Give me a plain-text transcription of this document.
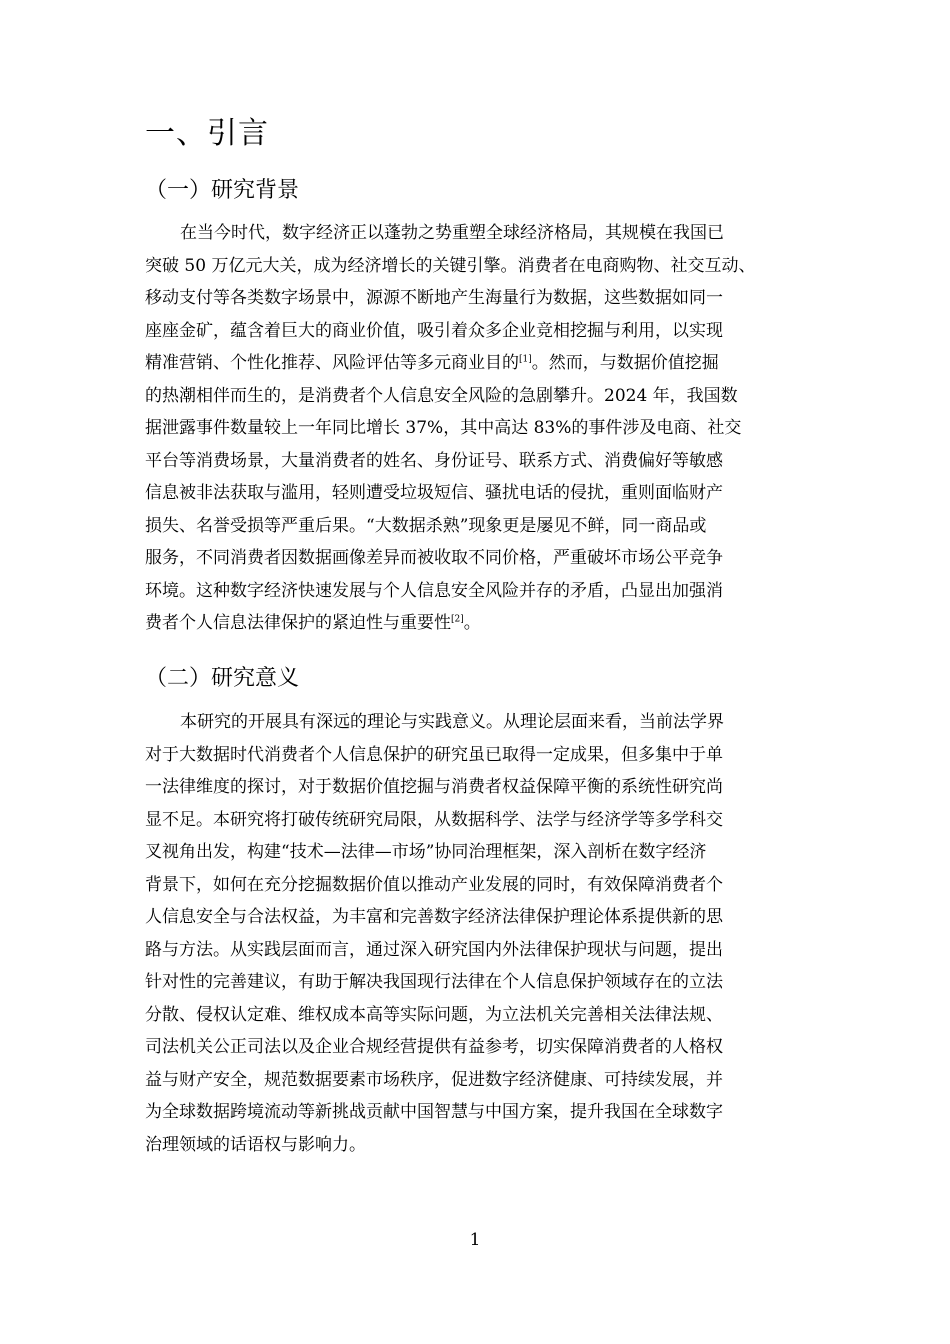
一、引言
（一）研究背景
在当今时代，数字经济正以蓬勃之势重塑全球经济格局，其规模在我国已
突破 50 万亿元大关，成为经济增长的关键引擎。消费者在电商购物、社交互动、
移动支付等各类数字场景中，源源不断地产生海量行为数据，这些数据如同一
座座金矿，蕴含着巨大的商业价值，吸引着众多企业竞相挖掘与利用，以实现
精准营销、个性化推荐、风险评估等多元商业目的[1]。然而，与数据价值挖掘
的热潮相伴而生的，是消费者个人信息安全风险的急剧攀升。2024 年，我国数
据泄露事件数量较上一年同比增长 37%，其中高达 83%的事件涉及电商、社交
平台等消费场景，大量消费者的姓名、身份证号、联系方式、消费偏好等敏感
信息被非法获取与滥用，轻则遭受垃圾短信、骚扰电话的侵扰，重则面临财产
损失、名誉受损等严重后果。“大数据杀熟”现象更是屡见不鲜，同一商品或
服务，不同消费者因数据画像差异而被收取不同价格，严重破坏市场公平竞争
环境。这种数字经济快速发展与个人信息安全风险并存的矛盾，凸显出加强消
费者个人信息法律保护的紧迫性与重要性[2]。
（二）研究意义
本研究的开展具有深远的理论与实践意义。从理论层面来看，当前法学界
对于大数据时代消费者个人信息保护的研究虽已取得一定成果，但多集中于单
一法律维度的探讨，对于数据价值挖掘与消费者权益保障平衡的系统性研究尚
显不足。本研究将打破传统研究局限，从数据科学、法学与经济学等多学科交
叉视角出发，构建“技术—法律—市场”协同治理框架，深入剖析在数字经济
背景下，如何在充分挖掘数据价值以推动产业发展的同时，有效保障消费者个
人信息安全与合法权益，为丰富和完善数字经济法律保护理论体系提供新的思
路与方法。从实践层面而言，通过深入研究国内外法律保护现状与问题，提出
针对性的完善建议，有助于解决我国现行法律在个人信息保护领域存在的立法
分散、侵权认定难、维权成本高等实际问题，为立法机关完善相关法律法规、
司法机关公正司法以及企业合规经营提供有益参考，切实保障消费者的人格权
益与财产安全，规范数据要素市场秩序，促进数字经济健康、可持续发展，并
为全球数据跨境流动等新挑战贡献中国智慧与中国方案，提升我国在全球数字
治理领域的话语权与影响力。
1
